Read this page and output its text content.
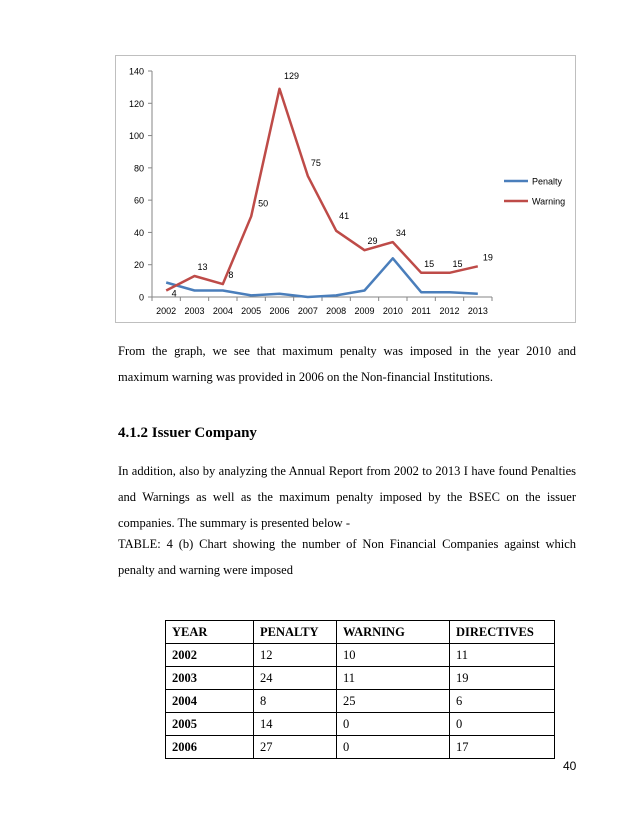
0
20
40
60
80
100
120
140
2002 2003 2004 2005 2006 2007 2008 2009 2010 2011 2012 2013
4
13
8
50
129
75
41
29
34
15 15
19
Penalty
Warning

From the graph, we see that maximum penalty was imposed in the year 2010 and maximum warning was provided in 2006 on the Non-financial Institutions.

4.1.2 Issuer Company

In addition, also by analyzing the Annual Report from 2002 to 2013 I have found Penalties and Warnings as well as the maximum penalty imposed by the BSEC on the issuer companies. The summary is presented below -

TABLE: 4 (b) Chart showing the number of Non Financial Companies against which penalty and warning were imposed

YEAR	PENALTY	WARNING	DIRECTIVES
2002	12	10	11
2003	24	11	19
2004	8	25	6
2005	14	0	0
2006	27	0	17
40
